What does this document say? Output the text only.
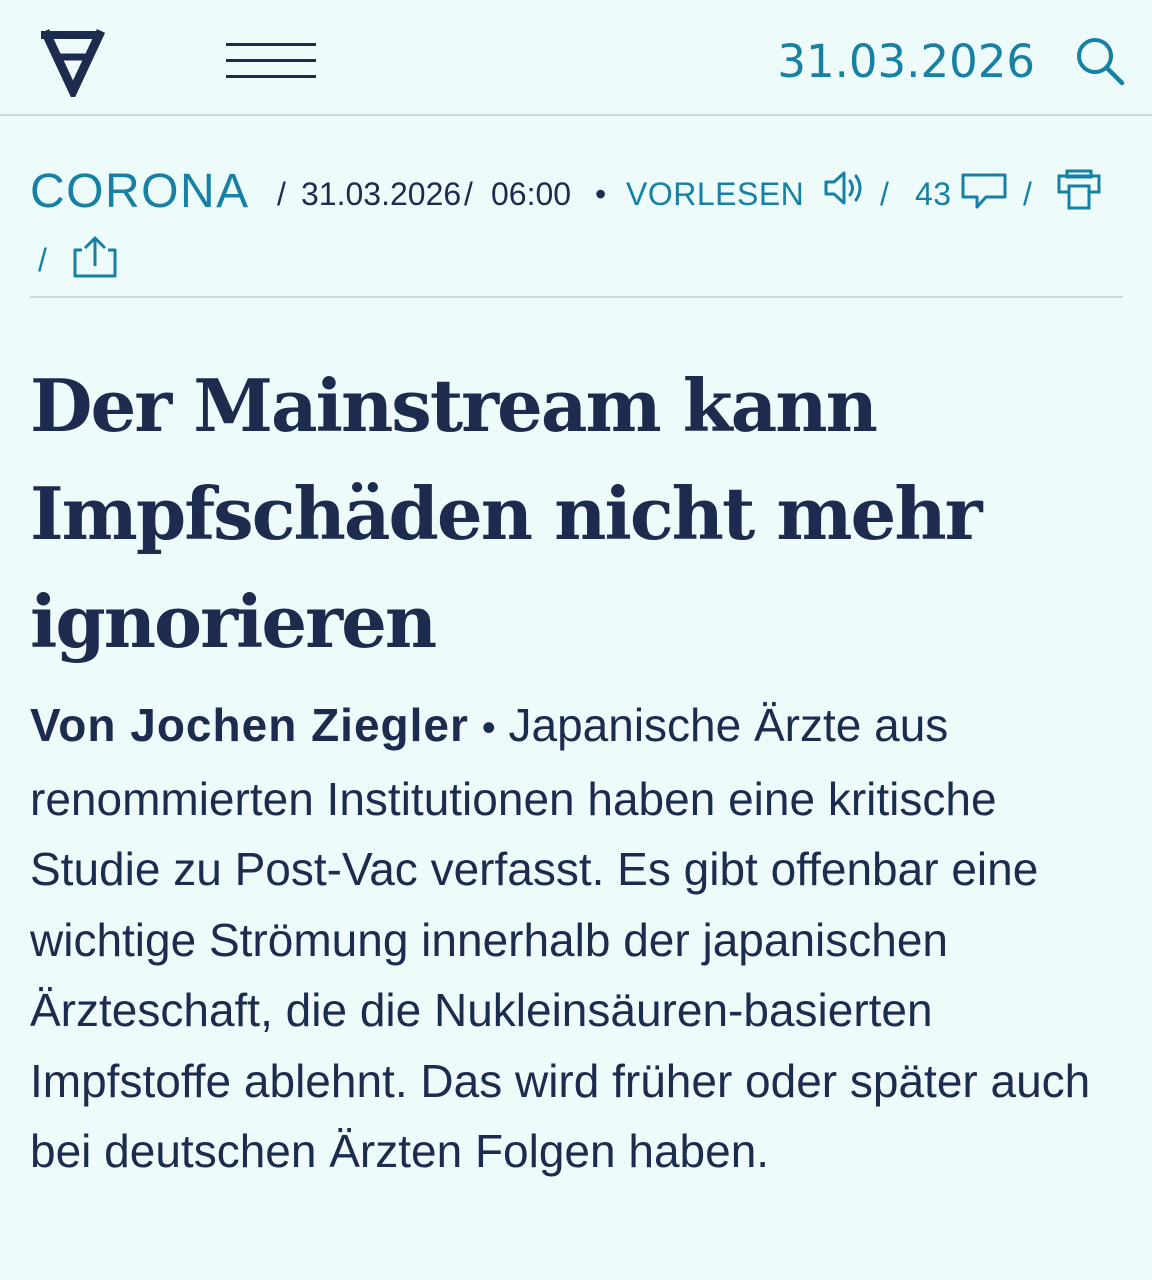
31.03.2026
CORONA / 31.03.2026 / 06:00 • VORLESEN / 43 /
/
Der Mainstream kann Impfschäden nicht mehr ignorieren

Von Jochen Ziegler • Japanische Ärzte aus renommierten Institutionen haben eine kritische Studie zu Post-Vac verfasst. Es gibt offenbar eine wichtige Strömung innerhalb der japanischen Ärzteschaft, die die Nukleinsäuren-basierten Impfstoffe ablehnt. Das wird früher oder später auch bei deutschen Ärzten Folgen haben.
